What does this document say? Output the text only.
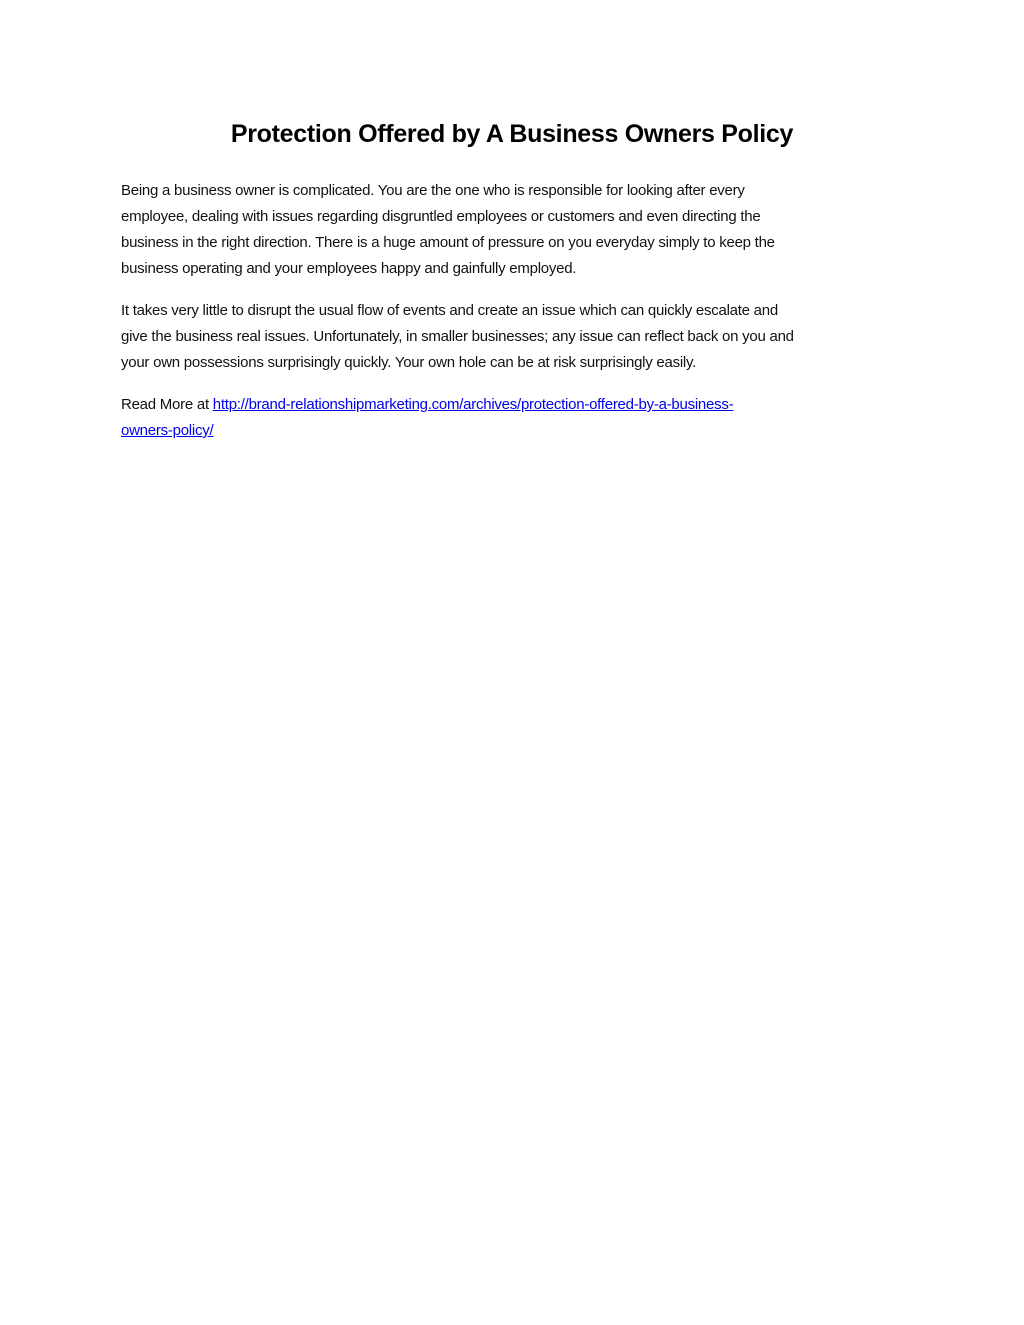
Protection Offered by A Business Owners Policy

Being a business owner is complicated. You are the one who is responsible for looking after every
employee, dealing with issues regarding disgruntled employees or customers and even directing the
business in the right direction. There is a huge amount of pressure on you everyday simply to keep the
business operating and your employees happy and gainfully employed.

It takes very little to disrupt the usual flow of events and create an issue which can quickly escalate and
give the business real issues. Unfortunately, in smaller businesses; any issue can reflect back on you and
your own possessions surprisingly quickly. Your own hole can be at risk surprisingly easily.

Read More at http://brand-relationshipmarketing.com/archives/protection-offered-by-a-business-
owners-policy/
